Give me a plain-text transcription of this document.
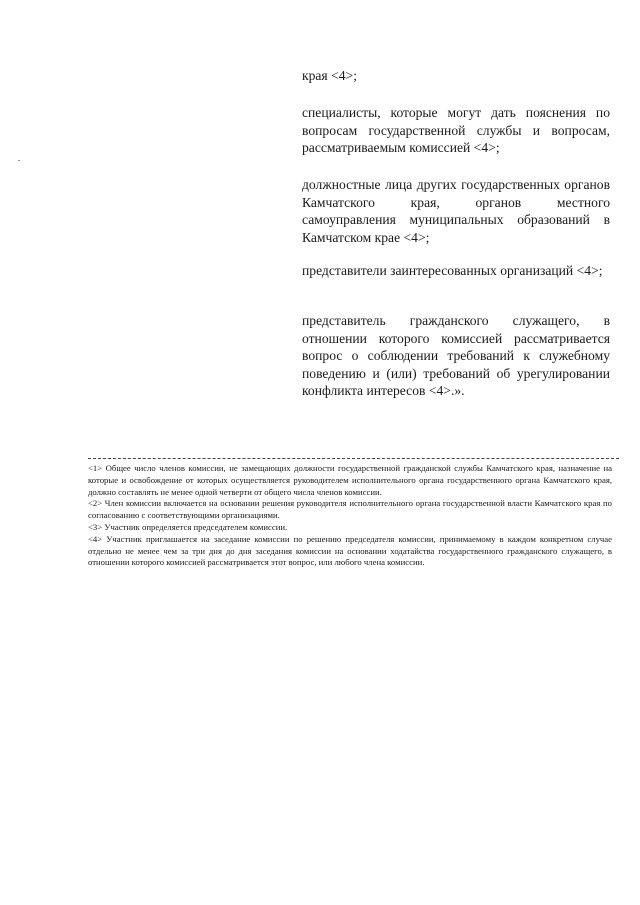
края <4>;
специалисты, которые могут дать пояснения по вопросам государственной службы и вопросам, рассматриваемым комиссией <4>;
должностные лица других государственных органов Камчатского края, органов местного самоуправления муниципальных образований в Камчатском крае <4>;
представители заинтересованных организаций <4>;
представитель гражданского служащего, в отношении которого комиссией рассматривается вопрос о соблюдении требований к служебному поведению и (или) требований об урегулировании конфликта интересов <4>.».

<1> Общее число членов комиссии, не замещающих должности государственной гражданской службы Камчатского края, назначение на которые и освобождение от которых осуществляется руководителем исполнительного органа государственного органа Камчатского края, должно составлять не менее одной четверти от общего числа членов комиссии.

<2> Член комиссии включается на основании решения руководителя исполнительного органа государственной власти Камчатского края по согласованию с соответствующими организациями.

<3> Участник определяется председателем комиссии.

<4> Участник приглашается на заседание комиссии по решению председателя комиссии, принимаемому в каждом конкретном случае отдельно не менее чем за три дня до дня заседания комиссии на основании ходатайства государственного гражданского служащего, в отношении которого комиссией рассматривается этот вопрос, или любого члена комиссии.
